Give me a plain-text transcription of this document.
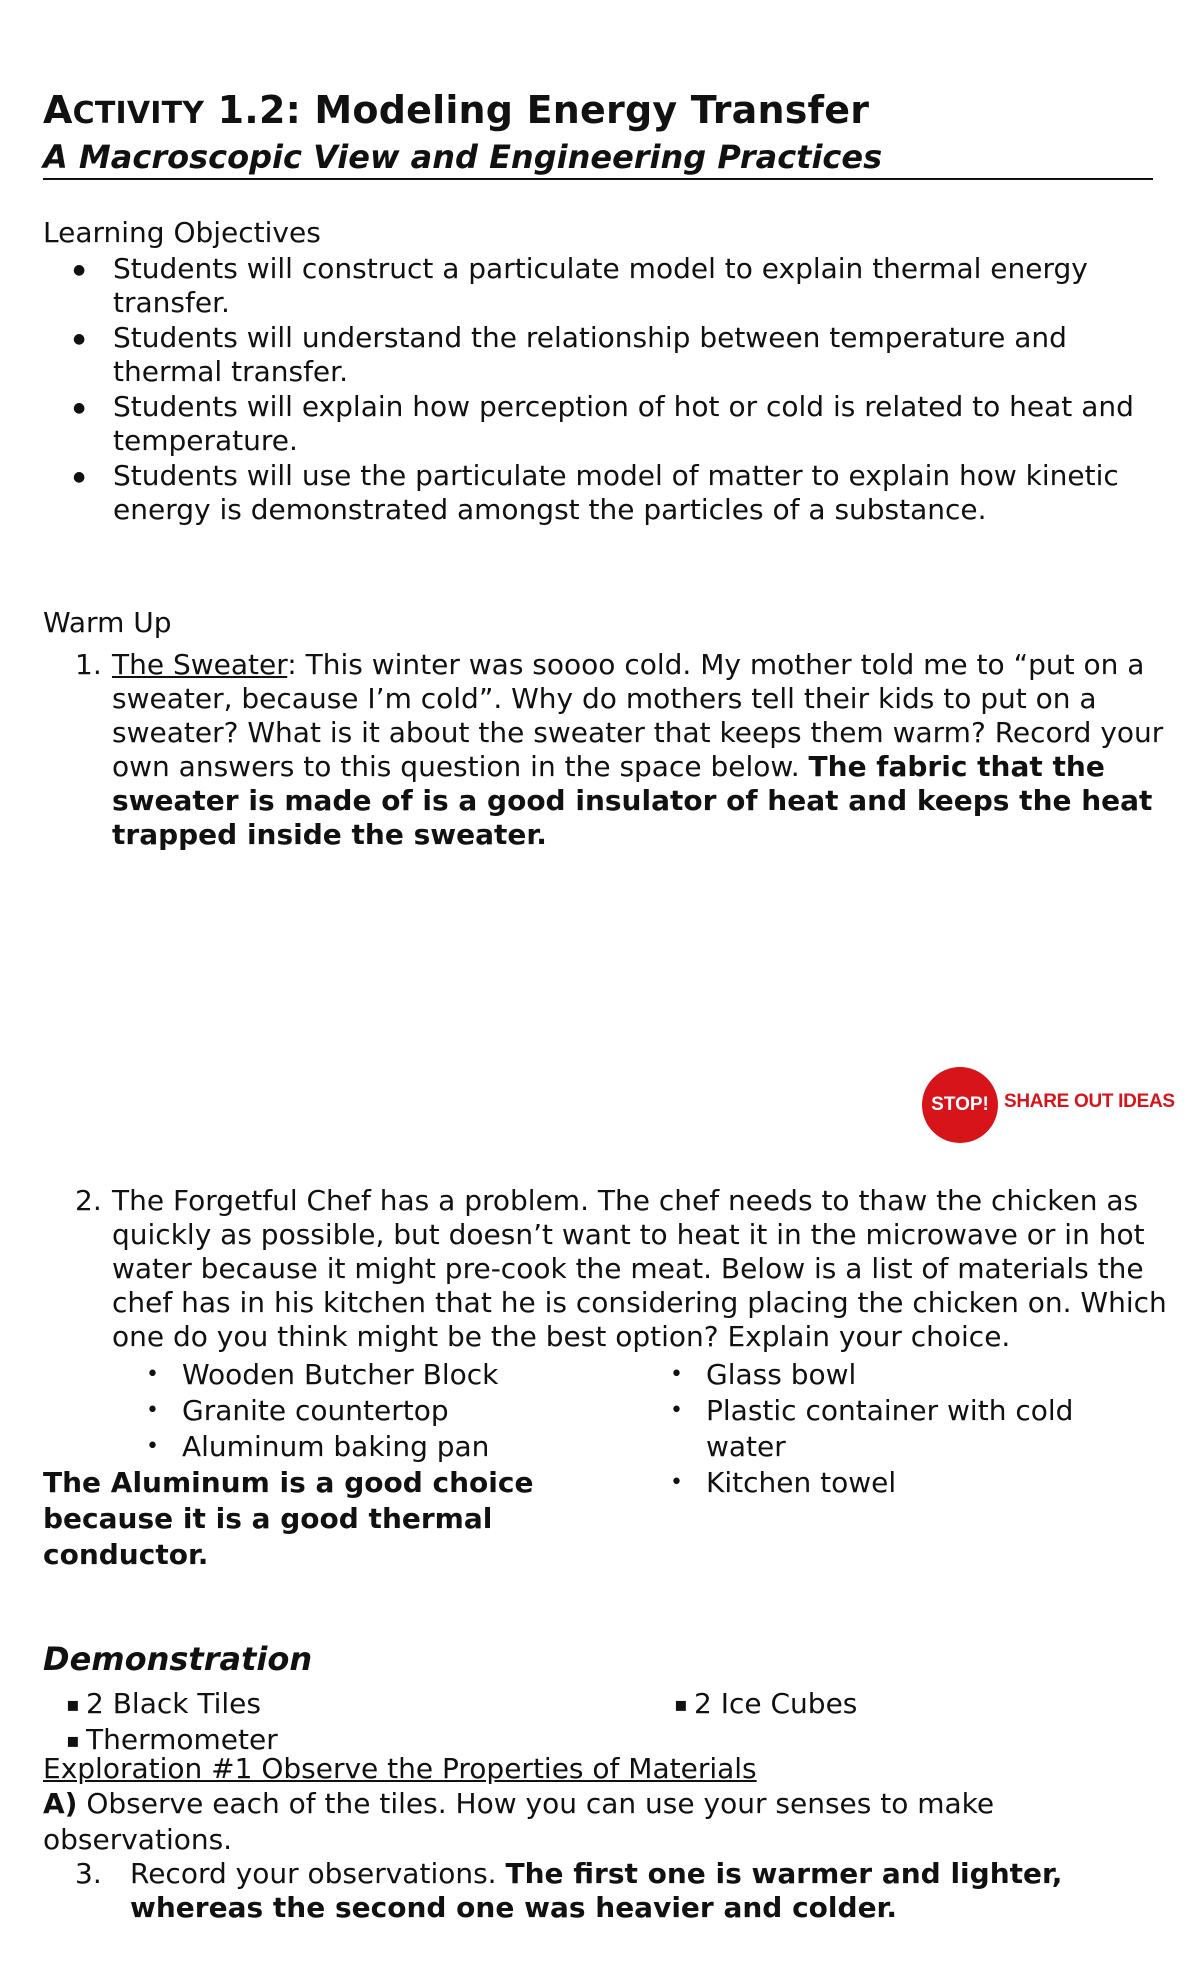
ACTIVITY 1.2: Modeling Energy Transfer
A Macroscopic View and Engineering Practices
Learning Objectives
● Students will construct a particulate model to explain thermal energy transfer.
● Students will understand the relationship between temperature and thermal transfer.
● Students will explain how perception of hot or cold is related to heat and temperature.
● Students will use the particulate model of matter to explain how kinetic energy is demonstrated amongst the particles of a substance.
Warm Up
1. The Sweater: This winter was soooo cold. My mother told me to “put on a sweater, because I’m cold”. Why do mothers tell their kids to put on a sweater? What is it about the sweater that keeps them warm? Record your own answers to this question in the space below. The fabric that the sweater is made of is a good insulator of heat and keeps the heat trapped inside the sweater.
STOP! SHARE OUT IDEAS
2. The Forgetful Chef has a problem. The chef needs to thaw the chicken as quickly as possible, but doesn’t want to heat it in the microwave or in hot water because it might pre-cook the meat. Below is a list of materials the chef has in his kitchen that he is considering placing the chicken on. Which one do you think might be the best option? Explain your choice.
• Wooden Butcher Block
• Granite countertop
• Aluminum baking pan
• Glass bowl
• Plastic container with cold water
• Kitchen towel
The Aluminum is a good choice because it is a good thermal conductor.
Demonstration
▪ 2 Black Tiles
▪ Thermometer
▪ 2 Ice Cubes
Exploration #1 Observe the Properties of Materials
A) Observe each of the tiles. How you can use your senses to make observations.
3. Record your observations. The first one is warmer and lighter, whereas the second one was heavier and colder.
